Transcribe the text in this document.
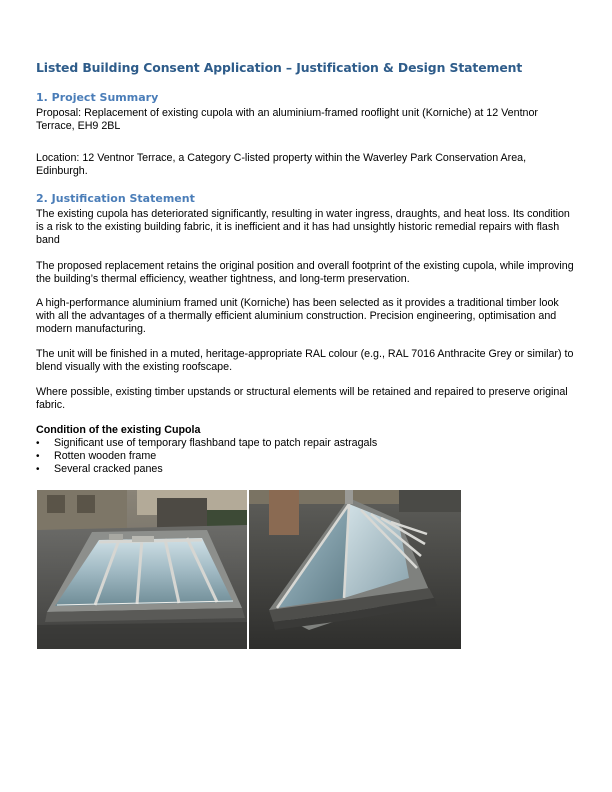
Listed Building Consent Application – Justification & Design Statement
1. Project Summary
Proposal: Replacement of existing cupola with an aluminium-framed rooflight unit (Korniche) at 12 Ventnor Terrace, EH9 2BL
Location: 12 Ventnor Terrace, a Category C-listed property within the Waverley Park Conservation Area, Edinburgh.
2. Justification Statement
The existing cupola has deteriorated significantly, resulting in water ingress, draughts, and heat loss. Its condition is a risk to the existing building fabric, it is inefficient and it has had unsightly historic remedial repairs with flash band
The proposed replacement retains the original position and overall footprint of the existing cupola, while improving the building’s thermal efficiency, weather tightness, and long-term preservation.
A high-performance aluminium framed unit (Korniche) has been selected as it provides a traditional timber look with all the advantages of a thermally efficient aluminium construction. Precision engineering, optimisation and modern manufacturing.
The unit will be finished in a muted, heritage-appropriate RAL colour (e.g., RAL 7016 Anthracite Grey or similar) to blend visually with the existing roofscape.
Where possible, existing timber upstands or structural elements will be retained and repaired to preserve original fabric.
Condition of the existing Cupola
• Significant use of temporary flashband tape to patch repair astragals
• Rotten wooden frame
• Several cracked panes
